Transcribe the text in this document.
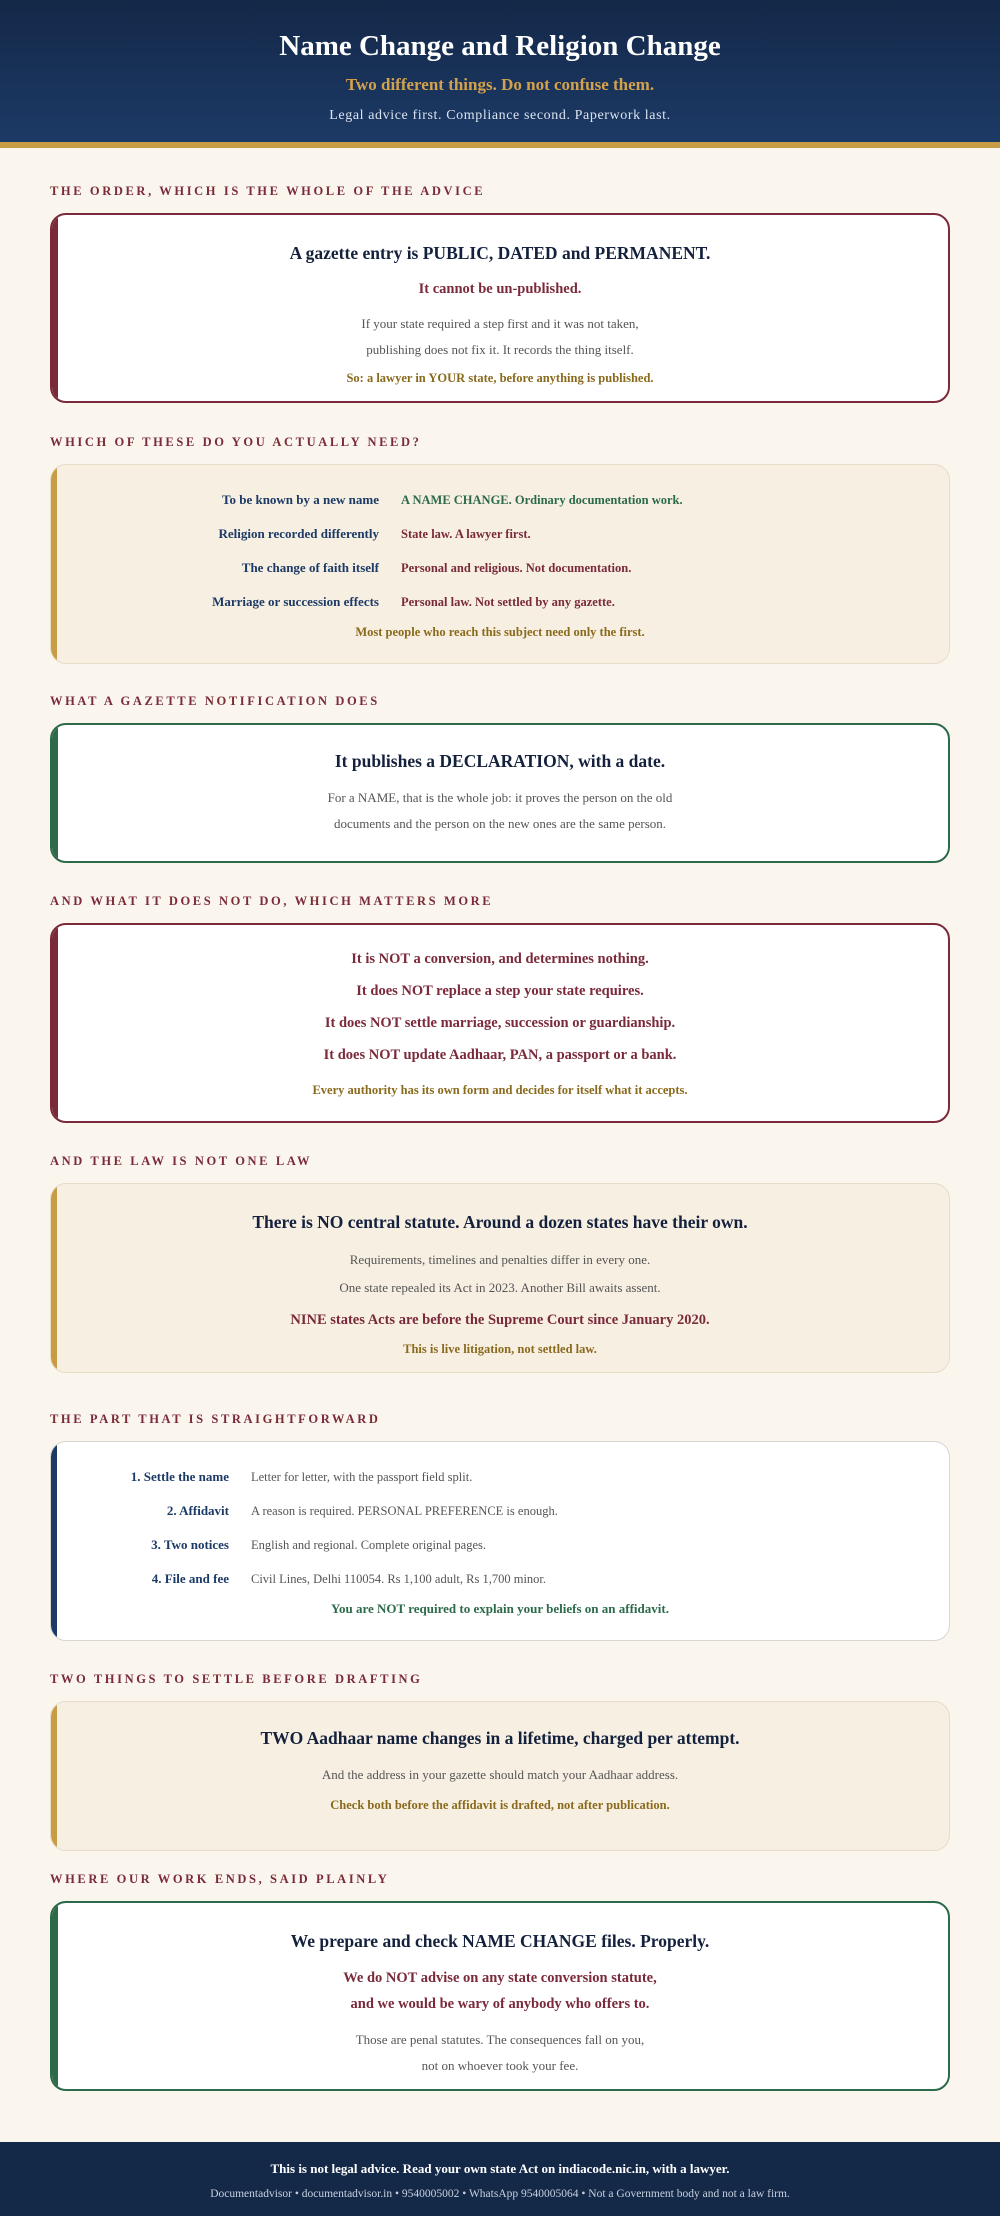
Name Change and Religion Change
Two different things. Do not confuse them.
Legal advice first. Compliance second. Paperwork last.
THE ORDER, WHICH IS THE WHOLE OF THE ADVICE
A gazette entry is PUBLIC, DATED and PERMANENT.
It cannot be un-published.
If your state required a step first and it was not taken,
publishing does not fix it. It records the thing itself.
So: a lawyer in YOUR state, before anything is published.
WHICH OF THESE DO YOU ACTUALLY NEED?
To be known by a new name	A NAME CHANGE. Ordinary documentation work.
Religion recorded differently	State law. A lawyer first.
The change of faith itself	Personal and religious. Not documentation.
Marriage or succession effects	Personal law. Not settled by any gazette.
Most people who reach this subject need only the first.
WHAT A GAZETTE NOTIFICATION DOES
It publishes a DECLARATION, with a date.
For a NAME, that is the whole job: it proves the person on the old
documents and the person on the new ones are the same person.
AND WHAT IT DOES NOT DO, WHICH MATTERS MORE
It is NOT a conversion, and determines nothing.
It does NOT replace a step your state requires.
It does NOT settle marriage, succession or guardianship.
It does NOT update Aadhaar, PAN, a passport or a bank.
Every authority has its own form and decides for itself what it accepts.
AND THE LAW IS NOT ONE LAW
There is NO central statute. Around a dozen states have their own.
Requirements, timelines and penalties differ in every one.
One state repealed its Act in 2023. Another Bill awaits assent.
NINE states Acts are before the Supreme Court since January 2020.
This is live litigation, not settled law.
THE PART THAT IS STRAIGHTFORWARD
1. Settle the name	Letter for letter, with the passport field split.
2. Affidavit	A reason is required. PERSONAL PREFERENCE is enough.
3. Two notices	English and regional. Complete original pages.
4. File and fee	Civil Lines, Delhi 110054. Rs 1,100 adult, Rs 1,700 minor.
You are NOT required to explain your beliefs on an affidavit.
TWO THINGS TO SETTLE BEFORE DRAFTING
TWO Aadhaar name changes in a lifetime, charged per attempt.
And the address in your gazette should match your Aadhaar address.
Check both before the affidavit is drafted, not after publication.
WHERE OUR WORK ENDS, SAID PLAINLY
We prepare and check NAME CHANGE files. Properly.
We do NOT advise on any state conversion statute,
and we would be wary of anybody who offers to.
Those are penal statutes. The consequences fall on you,
not on whoever took your fee.
This is not legal advice. Read your own state Act on indiacode.nic.in, with a lawyer.
Documentadvisor • documentadvisor.in • 9540005002 • WhatsApp 9540005064 • Not a Government body and not a law firm.
